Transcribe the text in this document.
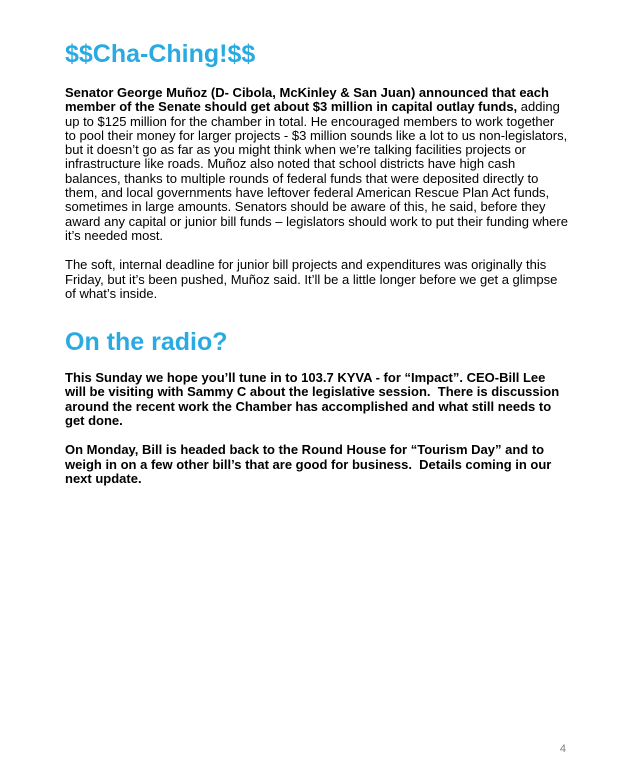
$$Cha-Ching!$$

Senator George Muñoz (D- Cibola, McKinley & San Juan) announced that each member of the Senate should get about $3 million in capital outlay funds, adding up to $125 million for the chamber in total. He encouraged members to work together to pool their money for larger projects - $3 million sounds like a lot to us non-legislators, but it doesn’t go as far as you might think when we’re talking facilities projects or infrastructure like roads. Muñoz also noted that school districts have high cash balances, thanks to multiple rounds of federal funds that were deposited directly to them, and local governments have leftover federal American Rescue Plan Act funds, sometimes in large amounts. Senators should be aware of this, he said, before they award any capital or junior bill funds – legislators should work to put their funding where it’s needed most.

The soft, internal deadline for junior bill projects and expenditures was originally this Friday, but it’s been pushed, Muñoz said. It’ll be a little longer before we get a glimpse of what’s inside.

On the radio?

This Sunday we hope you’ll tune in to 103.7 KYVA - for “Impact”. CEO-Bill Lee will be visiting with Sammy C about the legislative session.  There is discussion around the recent work the Chamber has accomplished and what still needs to get done.

On Monday, Bill is headed back to the Round House for “Tourism Day” and to weigh in on a few other bill’s that are good for business.  Details coming in our next update.

4
